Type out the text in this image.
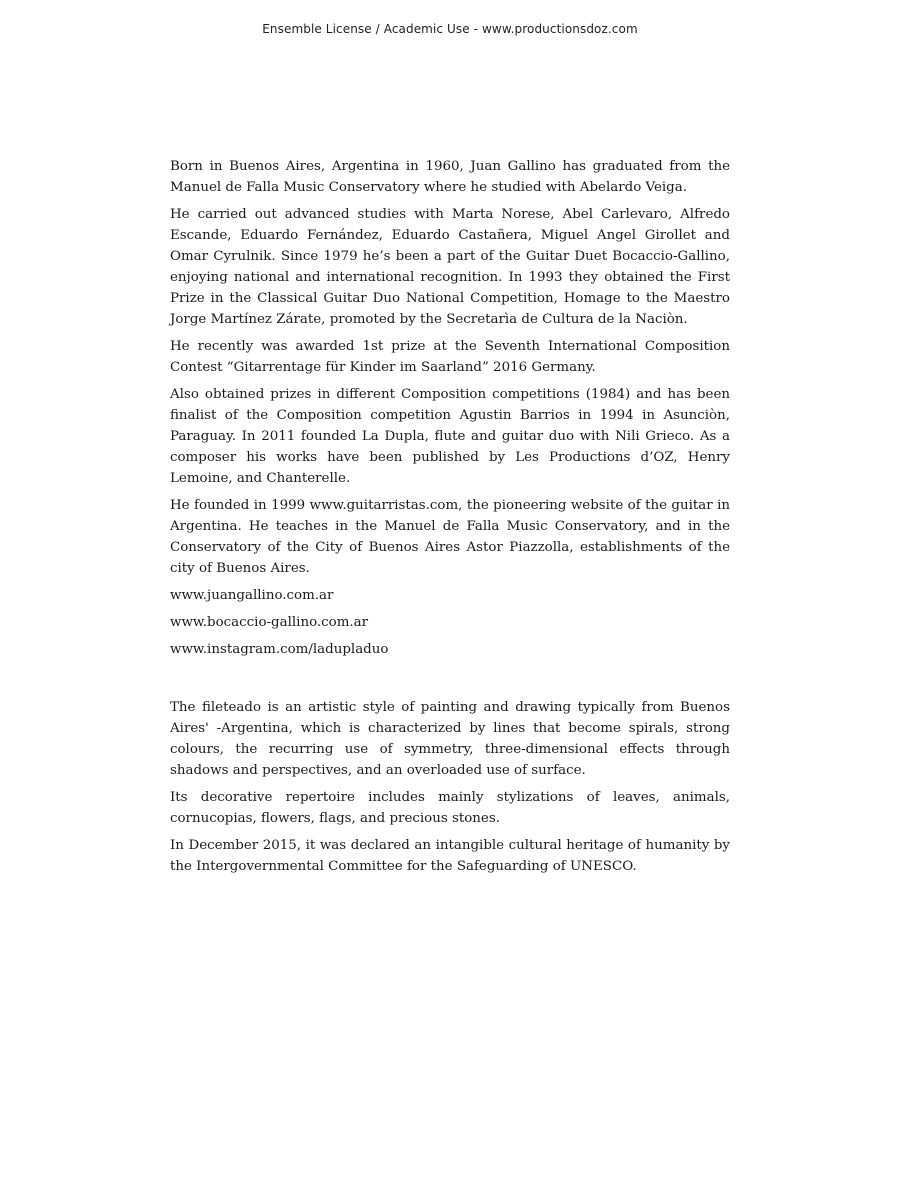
Ensemble License / Academic Use - www.productionsdoz.com

Born in Buenos Aires, Argentina in 1960, Juan Gallino has graduated from the Manuel de Falla Music Conservatory where he studied with Abelardo Veiga.

He carried out advanced studies with Marta Norese, Abel Carlevaro, Alfredo Escande, Eduardo Fernández, Eduardo Castañera, Miguel Angel Girollet and Omar Cyrulnik. Since 1979 he’s been a part of the Guitar Duet Bocaccio-Gallino, enjoying national and international recognition. In 1993 they obtained the First Prize in the Classical Guitar Duo National Competition, Homage to the Maestro Jorge Martínez Zárate, promoted by the Secretarìa de Cultura de la Naciòn.

He recently was awarded 1st prize at the Seventh International Composition Contest “Gitarrentage für Kinder im Saarland” 2016 Germany.

Also obtained prizes in different Composition competitions (1984) and has been finalist of the Composition competition Agustin Barrios in 1994 in Asunciòn, Paraguay. In 2011 founded La Dupla, flute and guitar duo with Nili Grieco. As a composer his works have been published by Les Productions d’OZ, Henry Lemoine, and Chanterelle.

He founded in 1999 www.guitarristas.com, the pioneering website of the guitar in Argentina. He teaches in the Manuel de Falla Music Conservatory, and in the Conservatory of the City of Buenos Aires Astor Piazzolla, establishments of the city of Buenos Aires.

www.juangallino.com.ar

www.bocaccio-gallino.com.ar

www.instagram.com/ladupladuo

The fileteado is an artistic style of painting and drawing typically from Buenos Aires' -Argentina, which is characterized by lines that become spirals, strong colours, the recurring use of symmetry, three-dimensional effects through shadows and perspectives, and an overloaded use of surface.

Its decorative repertoire includes mainly stylizations of leaves, animals, cornucopias, flowers, flags, and precious stones.

In December 2015, it was declared an intangible cultural heritage of humanity by the Intergovernmental Committee for the Safeguarding of UNESCO.
